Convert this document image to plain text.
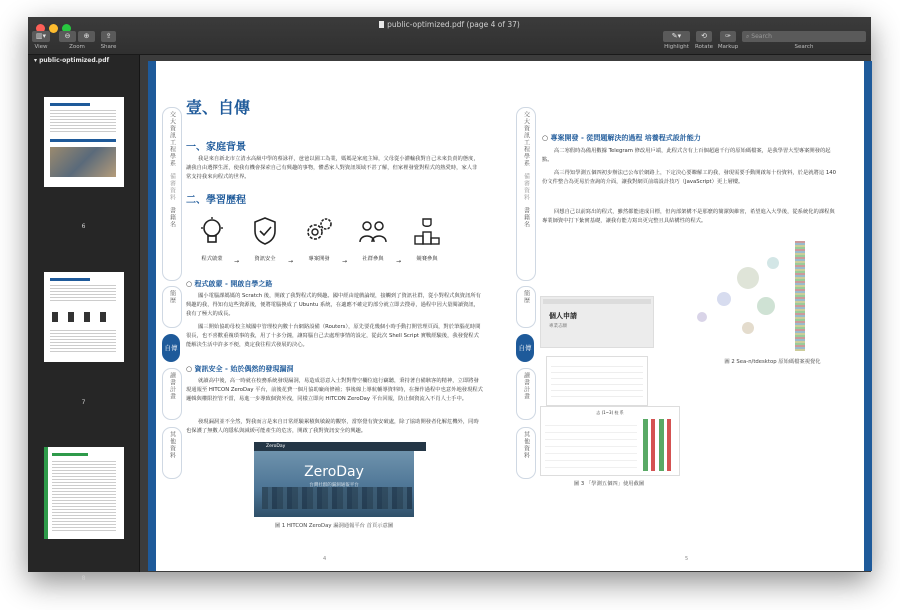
public-optimized.pdf (page 4 of 37)
▥▾
View
⊖	⊕
Zoom
⇪
Share
✎▾
Highlight
⟲
Rotate
✑
Markup
⌕ Search
Search
▾ public-optimized.pdf
6
7
8
交大資訊工程學系
備審資料
書籍名
簡歷
自傳
讀書計畫
其他資料
壹、自傳
一、家庭背景
我是來自新北市立清水高級中學的蔡詠祥，爸爸以園工為業，媽媽是家庭主婦，父母從小灌輸我對自己未來負責的態度，讓我自由選擇生涯，使我有機會探索自己有興趣的事物，體悉家人對資訊領域不甚了解，但家裡發覺對程式的熱愛時，家人非常支持我來向程式的世界。
二、學習歷程
程式啟蒙	→	資訊安全	→	專案開發	→	社群參與	→	競賽參與
○ 程式啟蒙 - 開啟自學之路
國小電腦課媽媽的 Scratch 後，開啟了我對程式的興趣。國中經由遊戲論壇，接觸到了資訊社群，從小對程式與資訊所有興趣的我，得知有這些資源後，便將電腦換成了 Ubuntu 系統，在適應不確定的部分就立即去搜尋，過程中因大量閱讀資訊，我有了極大的成長。
國三開始協助母校主城國中管理校內數十台網路設備（Routers），原先要花幾個小時手動打開管理頁面，對於筆腦花時間很長，也不喜歡重複瑣事的我，用了十多分鐘，讓寫腦自己去處理事情的設定，從此次 Shell Script 實戰經驗後，我發覺程式能解決生活中許多不便，奠定我往程式發展的決心。
○ 資訊安全 - 始於偶然的發現漏洞
就讀高中後，高一時就在校務系統發現漏洞，易造成惡意入士對對帶空欄位進行竊聽，秉持著自備駭客的精神，立即將發現通報至 HITCON ZeroDay 平台，前後花費一個月協助廠商修補；事後線上導航輔導資料時，在操作過程中也意外地發現程式邏輯與權限控管不當，易進一步導致個資外洩，同樣立即向 HITCON ZeroDay 平台回報，防止個資流入不肖人士手中。
發現漏洞並不全然，對我而言是來自日常經驗累積與敏銳的觀察，當察覺有資安破處，除了協助開發者化解危機外，同時也保護了無數人的隱私與減緩可能產生的危害，開啟了我對資訊安全的興趣。
ZeroDay
ZeroDay
台灣社群的漏洞通報平台
圖 1 HITCON ZeroDay 漏洞通報平台 首頁示意圖
4
交大資訊工程學系
備審資料
書籍名
簡歷
自傳
讀書計畫
其他資料
○ 專案開發 - 從問題解決的過程 培養程式設計能力
高二寒假時為備用數據 Telegram 修改用戶端，此程式含有上百個超過千行的原始碼檔案，是我學習大型專案開發的起點。
高三得知學測五個四初步辦法已公布於網路上，下定決心要瞭解工的我，發現需要手動開啟每十份資料，於是就將這 140 份文件整合為更易於查詢的介面，讓我對網頁前端設計技巧（JavaScript）更上層樓。
回想自己以前寫出的程式，雖然都能達成目標，但內部架構不是那麼的簡潔與維密，希望進入大學後，從系統化的課程與專業師資中打下紮實基礎，讓我有能力寫出更完整且具結構性的程式。
個人申請
專業志願
圖 2 Sea-n/tdesktop 原始碼檔案視覺化
志 (1~3) 校 系
圖 3 「學測五個四」使用截圖
5
